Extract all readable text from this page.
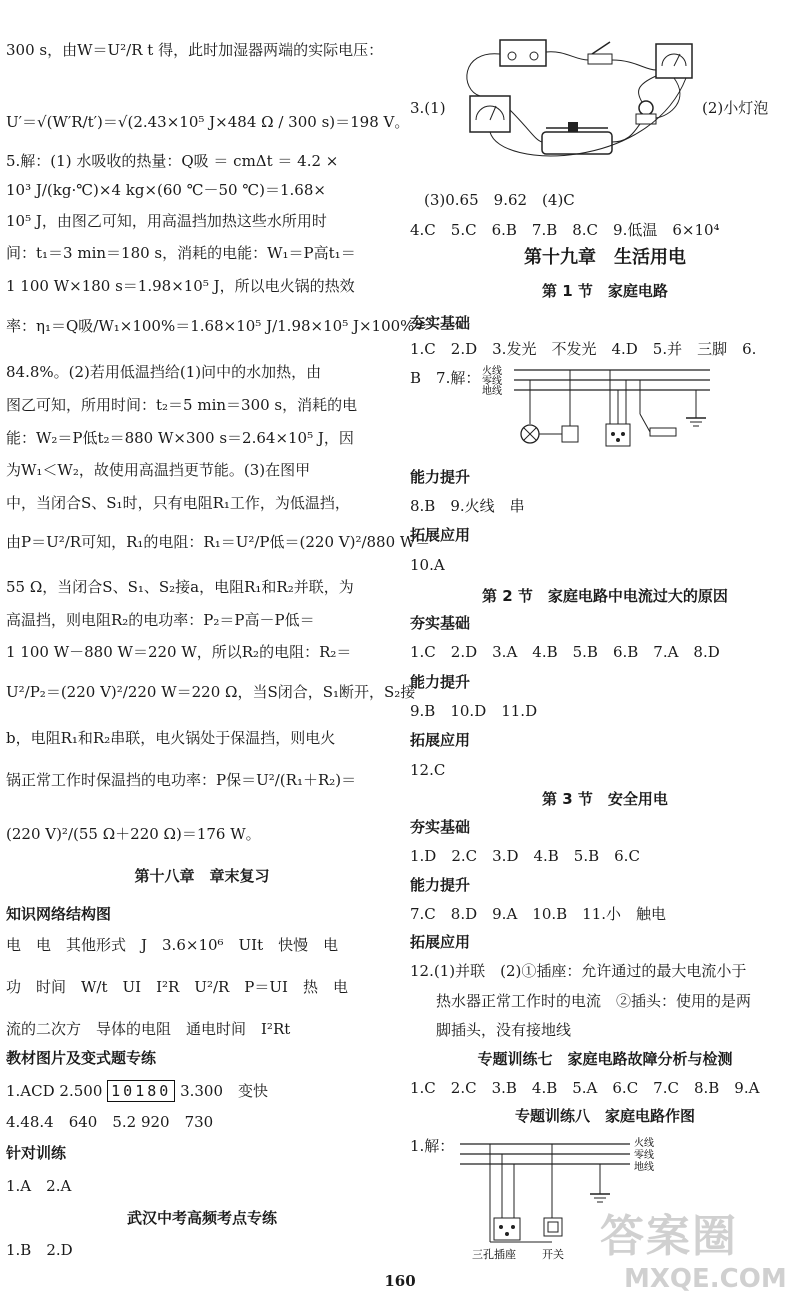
300 s，由W＝U²/R t 得，此时加湿器两端的实际电压：
U′＝√(W′R/t′)＝√(2.43×10⁵ J×484 Ω / 300 s)＝198 V。
5.解：(1) 水吸收的热量：Q吸 ＝ cmΔt ＝ 4.2 ×
10³ J/(kg·℃)×4 kg×(60 ℃－50 ℃)＝1.68×
10⁵ J，由图乙可知，用高温挡加热这些水所用时
间：t₁＝3 min＝180 s，消耗的电能：W₁＝P高t₁＝
1 100 W×180 s＝1.98×10⁵ J，所以电火锅的热效
率：η₁＝Q吸/W₁×100%＝1.68×10⁵ J/1.98×10⁵ J×100%≈
84.8%。(2)若用低温挡给(1)问中的水加热，由
图乙可知，所用时间：t₂＝5 min＝300 s，消耗的电
能：W₂＝P低t₂＝880 W×300 s＝2.64×10⁵ J，因
为W₁＜W₂，故使用高温挡更节能。(3)在图甲
中，当闭合S、S₁时，只有电阻R₁工作，为低温挡，
由P＝U²/R可知，R₁的电阻：R₁＝U²/P低＝(220 V)²/880 W＝
55 Ω，当闭合S、S₁、S₂接a，电阻R₁和R₂并联，为
高温挡，则电阻R₂的电功率：P₂＝P高－P低＝
1 100 W－880 W＝220 W，所以R₂的电阻：R₂＝
U²/P₂＝(220 V)²/220 W＝220 Ω，当S闭合，S₁断开，S₂接
b，电阻R₁和R₂串联，电火锅处于保温挡，则电火
锅正常工作时保温挡的电功率：P保＝U²/(R₁＋R₂)＝
(220 V)²/(55 Ω＋220 Ω)＝176 W。
第十八章　章末复习
知识网络结构图
电　电　其他形式　J　3.6×10⁶　UIt　快慢　电
功　时间　W/t　UI　I²R　U²/R　P＝UI　热　电
流的二次方　导体的电阻　通电时间　I²Rt
教材图片及变式题专练
1.ACD 2.500 10180 3.300　变快
4.48.4　640　5.2 920　730
针对训练
1.A　2.A
武汉中考高频考点专练
1.B　2.D
3.(1)	(2)小灯泡
(3)0.65　9.62　(4)C
4.C　5.C　6.B　7.B　8.C　9.低温　6×10⁴
第十九章　生活用电
第 1 节　家庭电路
夯实基础
1.C　2.D　3.发光　不发光　4.D　5.并　三脚　6.
B　7.解： 火线
零线
地线
能力提升
8.B　9.火线　串
拓展应用
10.A
第 2 节　家庭电路中电流过大的原因
夯实基础
1.C　2.D　3.A　4.B　5.B　6.B　7.A　8.D
能力提升
9.B　10.D　11.D
拓展应用
12.C
第 3 节　安全用电
夯实基础
1.D　2.C　3.D　4.B　5.B　6.C
能力提升
7.C　8.D　9.A　10.B　11.小　触电
拓展应用
12.(1)并联　(2)①插座：允许通过的最大电流小于
热水器正常工作时的电流　②插头：使用的是两
脚插头，没有接地线
专题训练七　家庭电路故障分析与检测
1.C　2.C　3.B　4.B　5.A　6.C　7.C　8.B　9.A
专题训练八　家庭电路作图
1.解：	火线
零线
地线
三孔插座 开关
160
答案圈
MXQE.COM
